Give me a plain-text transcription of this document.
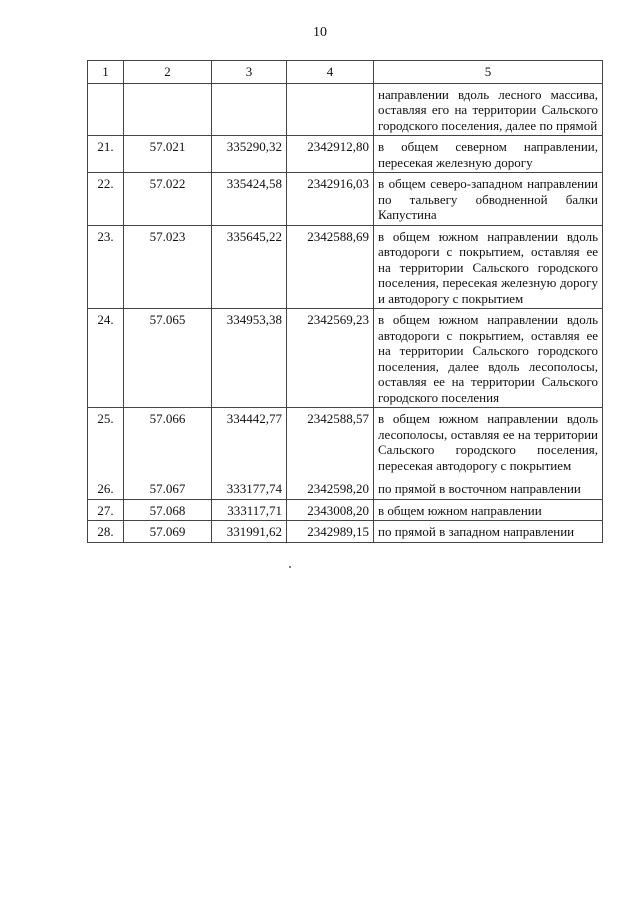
10
1	2	3	4	5
				направлении вдоль лесного массива, оставляя его на территории Сальского городского поселения, далее по прямой
21.	57.021	335290,32	2342912,80	в общем северном направлении, пересекая железную дорогу
22.	57.022	335424,58	2342916,03	в общем северо-западном направлении по тальвегу обводненной балки Капустина
23.	57.023	335645,22	2342588,69	в общем южном направлении вдоль автодороги с покрытием, оставляя ее на территории Сальского городского поселения, пересекая железную дорогу и автодорогу с покрытием
24.	57.065	334953,38	2342569,23	в общем южном направлении вдоль автодороги с покрытием, оставляя ее на территории Сальского городского поселения, далее вдоль лесополосы, оставляя ее на территории Сальского городского поселения
25.	57.066	334442,77	2342588,57	в общем южном направлении вдоль лесополосы, оставляя ее на территории Сальского городского поселения, пересекая автодорогу с покрытием
26.	57.067	333177,74	2342598,20	по прямой в восточном направлении
27.	57.068	333117,71	2343008,20	в общем южном направлении
28.	57.069	331991,62	2342989,15	по прямой в западном направлении
